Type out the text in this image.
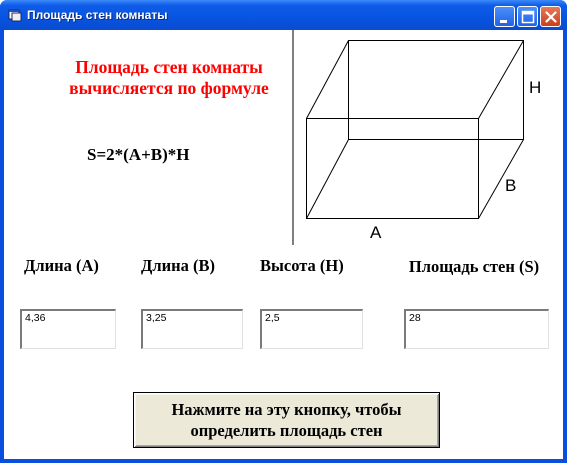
Площадь стен комнаты
Площадь стен комнаты вычисляется по формуле
S=2*(A+B)*H
A
B
H
Длина (А)	Длина (В)	Высота (Н)	Площадь стен (S)
4,36	3,25	2,5	28
Нажмите на эту кнопку, чтобы определить площадь стен
